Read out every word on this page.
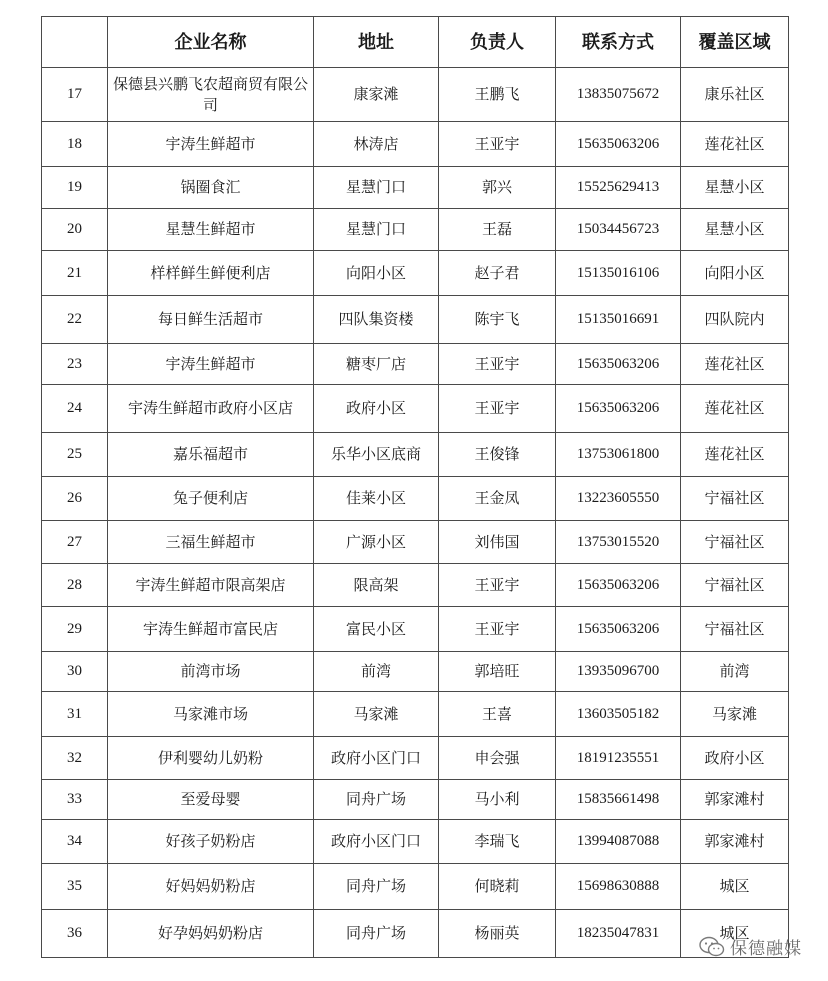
	企业名称	地址	负责人	联系方式	覆盖区域
17	保德县兴鹏飞农超商贸有限公司	康家滩	王鹏飞	13835075672	康乐社区
18	宇涛生鲜超市	林涛店	王亚宇	15635063206	莲花社区
19	锅圈食汇	星慧门口	郭兴	15525629413	星慧小区
20	星慧生鲜超市	星慧门口	王磊	15034456723	星慧小区
21	样样鲜生鲜便利店	向阳小区	赵子君	15135016106	向阳小区
22	每日鲜生活超市	四队集资楼	陈宇飞	15135016691	四队院内
23	宇涛生鲜超市	糖枣厂店	王亚宇	15635063206	莲花社区
24	宇涛生鲜超市政府小区店	政府小区	王亚宇	15635063206	莲花社区
25	嘉乐福超市	乐华小区底商	王俊锋	13753061800	莲花社区
26	兔子便利店	佳莱小区	王金凤	13223605550	宁福社区
27	三福生鲜超市	广源小区	刘伟国	13753015520	宁福社区
28	宇涛生鲜超市限高架店	限高架	王亚宇	15635063206	宁福社区
29	宇涛生鲜超市富民店	富民小区	王亚宇	15635063206	宁福社区
30	前湾市场	前湾	郭培旺	13935096700	前湾
31	马家滩市场	马家滩	王喜	13603505182	马家滩
32	伊利婴幼儿奶粉	政府小区门口	申会强	18191235551	政府小区
33	至爱母婴	同舟广场	马小利	15835661498	郭家滩村
34	好孩子奶粉店	政府小区门口	李瑞飞	13994087088	郭家滩村
35	好妈妈奶粉店	同舟广场	何晓莉	15698630888	城区
36	好孕妈妈奶粉店	同舟广场	杨丽英	18235047831	城区
保德融媒
